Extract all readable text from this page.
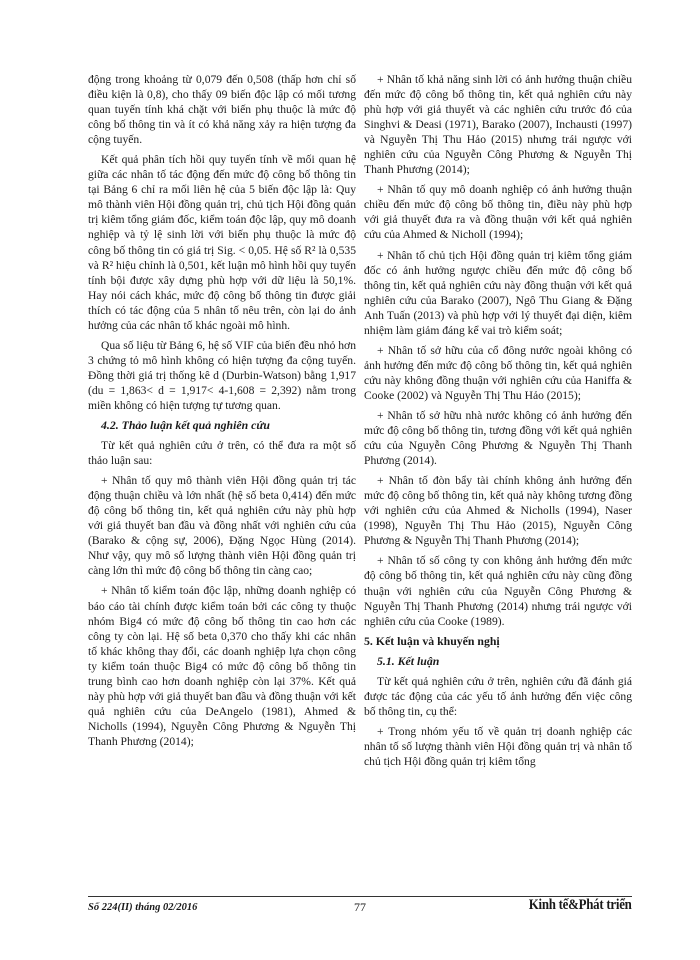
động trong khoảng từ 0,079 đến 0,508 (thấp hơn chỉ số điều kiện là 0,8), cho thấy 09 biến độc lập có mối tương quan tuyến tính khá chặt với biến phụ thuộc là mức độ công bố thông tin và ít có khả năng xảy ra hiện tượng đa cộng tuyến.

Kết quả phân tích hồi quy tuyến tính về mối quan hệ giữa các nhân tố tác động đến mức độ công bố thông tin tại Bảng 6 chỉ ra mối liên hệ của 5 biến độc lập là: Quy mô thành viên Hội đồng quản trị, chủ tịch Hội đồng quản trị kiêm tổng giám đốc, kiểm toán độc lập, quy mô doanh nghiệp và tỷ lệ sinh lời với biến phụ thuộc là mức độ công bố thông tin có giá trị Sig. < 0,05. Hệ số R² là 0,535 và R² hiệu chỉnh là 0,501, kết luận mô hình hồi quy tuyến tính bội được xây dựng phù hợp với dữ liệu là 50,1%. Hay nói cách khác, mức độ công bố thông tin được giải thích có tác động của 5 nhân tố nêu trên, còn lại do ảnh hưởng của các nhân tố khác ngoài mô hình.

Qua số liệu từ Bảng 6, hệ số VIF của biến đều nhỏ hơn 3 chứng tỏ mô hình không có hiện tượng đa cộng tuyến. Đồng thời giá trị thống kê d (Durbin-Watson) bằng 1,917 (du = 1,863< d = 1,917< 4-1,608 = 2,392) nằm trong miền không có hiện tượng tự tương quan.

4.2. Thảo luận kết quả nghiên cứu

Từ kết quả nghiên cứu ở trên, có thể đưa ra một số thảo luận sau:

+ Nhân tố quy mô thành viên Hội đồng quản trị tác động thuận chiều và lớn nhất (hệ số beta 0,414) đến mức độ công bố thông tin, kết quả nghiên cứu này phù hợp với giả thuyết ban đầu và đồng nhất với nghiên cứu của (Barako & cộng sự, 2006), Đặng Ngọc Hùng (2014). Như vậy, quy mô số lượng thành viên Hội đồng quản trị càng lớn thì mức độ công bố thông tin càng cao;

+ Nhân tố kiểm toán độc lập, những doanh nghiệp có báo cáo tài chính được kiểm toán bởi các công ty thuộc nhóm Big4 có mức độ công bố thông tin cao hơn các công ty còn lại. Hệ số beta 0,370 cho thấy khi các nhân tố khác không thay đổi, các doanh nghiệp lựa chọn công ty kiểm toán thuộc Big4 có mức độ công bố thông tin trung bình cao hơn doanh nghiệp còn lại 37%. Kết quả này phù hợp với giả thuyết ban đầu và đồng thuận với kết quả nghiên cứu của DeAngelo (1981), Ahmed & Nicholls (1994), Nguyễn Công Phương & Nguyễn Thị Thanh Phương (2014);

+ Nhân tố khả năng sinh lời có ảnh hưởng thuận chiều đến mức độ công bố thông tin, kết quả nghiên cứu này phù hợp với giả thuyết và các nghiên cứu trước đó của Singhvi & Deasi (1971), Barako (2007), Inchausti (1997) và Nguyễn Thị Thu Hảo (2015) nhưng trái ngược với nghiên cứu của Nguyễn Công Phương & Nguyễn Thị Thanh Phương (2014);

+ Nhân tố quy mô doanh nghiệp có ảnh hưởng thuận chiều đến mức độ công bố thông tin, điều này phù hợp với giả thuyết đưa ra và đồng thuận với kết quả nghiên cứu của Ahmed & Nicholl (1994);

+ Nhân tố chủ tịch Hội đồng quản trị kiêm tổng giám đốc có ảnh hưởng ngược chiều đến mức độ công bố thông tin, kết quả nghiên cứu này đồng thuận với kết quả nghiên cứu của Barako (2007), Ngô Thu Giang & Đặng Anh Tuấn (2013) và phù hợp với lý thuyết đại diện, kiêm nhiệm làm giảm đáng kể vai trò kiểm soát;

+ Nhân tố sở hữu của cổ đông nước ngoài không có ảnh hưởng đến mức độ công bố thông tin, kết quả nghiên cứu này không đồng thuận với nghiên cứu của Haniffa & Cooke (2002) và Nguyễn Thị Thu Hảo (2015);

+ Nhân tố sở hữu nhà nước không có ảnh hưởng đến mức độ công bố thông tin, tương đồng với kết quả nghiên cứu của Nguyễn Công Phương & Nguyễn Thị Thanh Phương (2014).

+ Nhân tố đòn bẩy tài chính không ảnh hưởng đến mức độ công bố thông tin, kết quả này không tương đồng với nghiên cứu của Ahmed & Nicholls (1994), Naser (1998), Nguyễn Thị Thu Hảo (2015), Nguyễn Công Phương & Nguyễn Thị Thanh Phương (2014);

+ Nhân tố số công ty con không ảnh hưởng đến mức độ công bố thông tin, kết quả nghiên cứu này cũng đồng thuận với nghiên cứu của Nguyễn Công Phương & Nguyễn Thị Thanh Phương (2014) nhưng trái ngược với nghiên cứu của Cooke (1989).

5. Kết luận và khuyến nghị
5.1. Kết luận

Từ kết quả nghiên cứu ở trên, nghiên cứu đã đánh giá được tác động của các yếu tố ảnh hưởng đến việc công bố thông tin, cụ thể:

+ Trong nhóm yếu tố về quản trị doanh nghiệp các nhân tố số lượng thành viên Hội đồng quản trị và nhân tố chủ tịch Hội đồng quản trị kiêm tổng

Số 224(II) tháng 02/2016	77	Kinh tế&Phát triển
